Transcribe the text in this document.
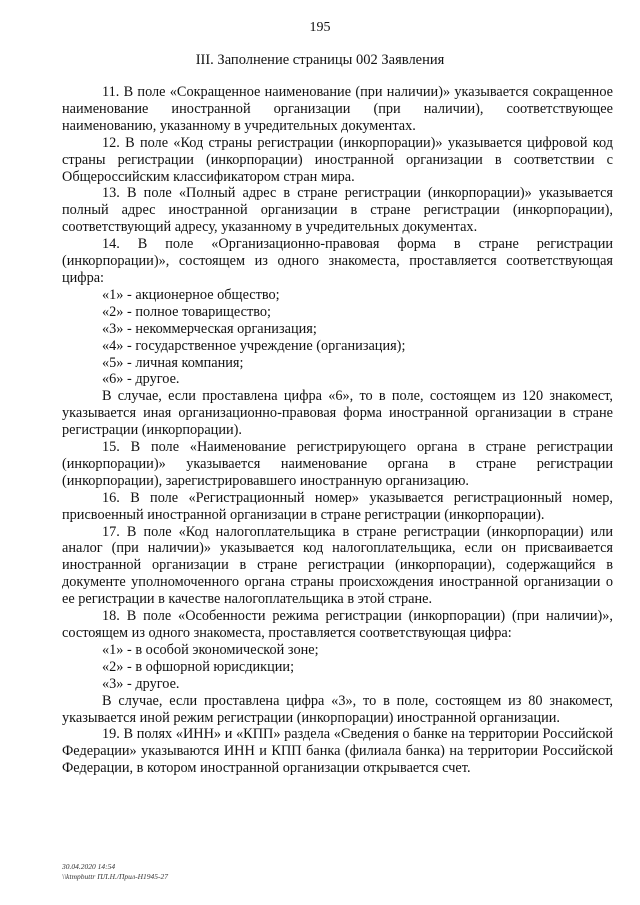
195
III. Заполнение страницы 002 Заявления

11. В поле «Сокращенное наименование (при наличии)» указывается сокращенное наименование иностранной организации (при наличии), соответствующее наименованию, указанному в учредительных документах.

12. В поле «Код страны регистрации (инкорпорации)» указывается цифровой код страны регистрации (инкорпорации) иностранной организации в соответствии с Общероссийским классификатором стран мира.

13. В поле «Полный адрес в стране регистрации (инкорпорации)» указывается полный адрес иностранной организации в стране регистрации (инкорпорации), соответствующий адресу, указанному в учредительных документах.

14. В поле «Организационно-правовая форма в стране регистрации (инкорпорации)», состоящем из одного знакоместа, проставляется соответствующая цифра:

«1» - акционерное общество;

«2» - полное товарищество;

«3» - некоммерческая организация;

«4» - государственное учреждение (организация);

«5» - личная компания;

«6» - другое.

В случае, если проставлена цифра «6», то в поле, состоящем из 120 знакомест, указывается иная организационно-правовая форма иностранной организации в стране регистрации (инкорпорации).

15. В поле «Наименование регистрирующего органа в стране регистрации (инкорпорации)» указывается наименование органа в стране регистрации (инкорпорации), зарегистрировавшего иностранную организацию.

16. В поле «Регистрационный номер» указывается регистрационный номер, присвоенный иностранной организации в стране регистрации (инкорпорации).

17. В поле «Код налогоплательщика в стране регистрации (инкорпорации) или аналог (при наличии)» указывается код налогоплательщика, если он присваивается иностранной организации в стране регистрации (инкорпорации), содержащийся в документе уполномоченного органа страны происхождения иностранной организации о ее регистрации в качестве налогоплательщика в этой стране.

18. В поле «Особенности режима регистрации (инкорпорации) (при наличии)», состоящем из одного знакоместа, проставляется соответствующая цифра:

«1» - в особой экономической зоне;

«2» - в офшорной юрисдикции;

«3» - другое.

В случае, если проставлена цифра «3», то в поле, состоящем из 80 знакомест, указывается иной режим регистрации (инкорпорации) иностранной организации.

19. В полях «ИНН» и «КПП» раздела «Сведения о банке на территории Российской Федерации» указываются ИНН и КПП банка (филиала банка) на территории Российской Федерации, в котором иностранной организации открывается счет.

30.04.2020 14:54
\\ktmpbuttr ПЛ.Н./Прил-Н1945-27
